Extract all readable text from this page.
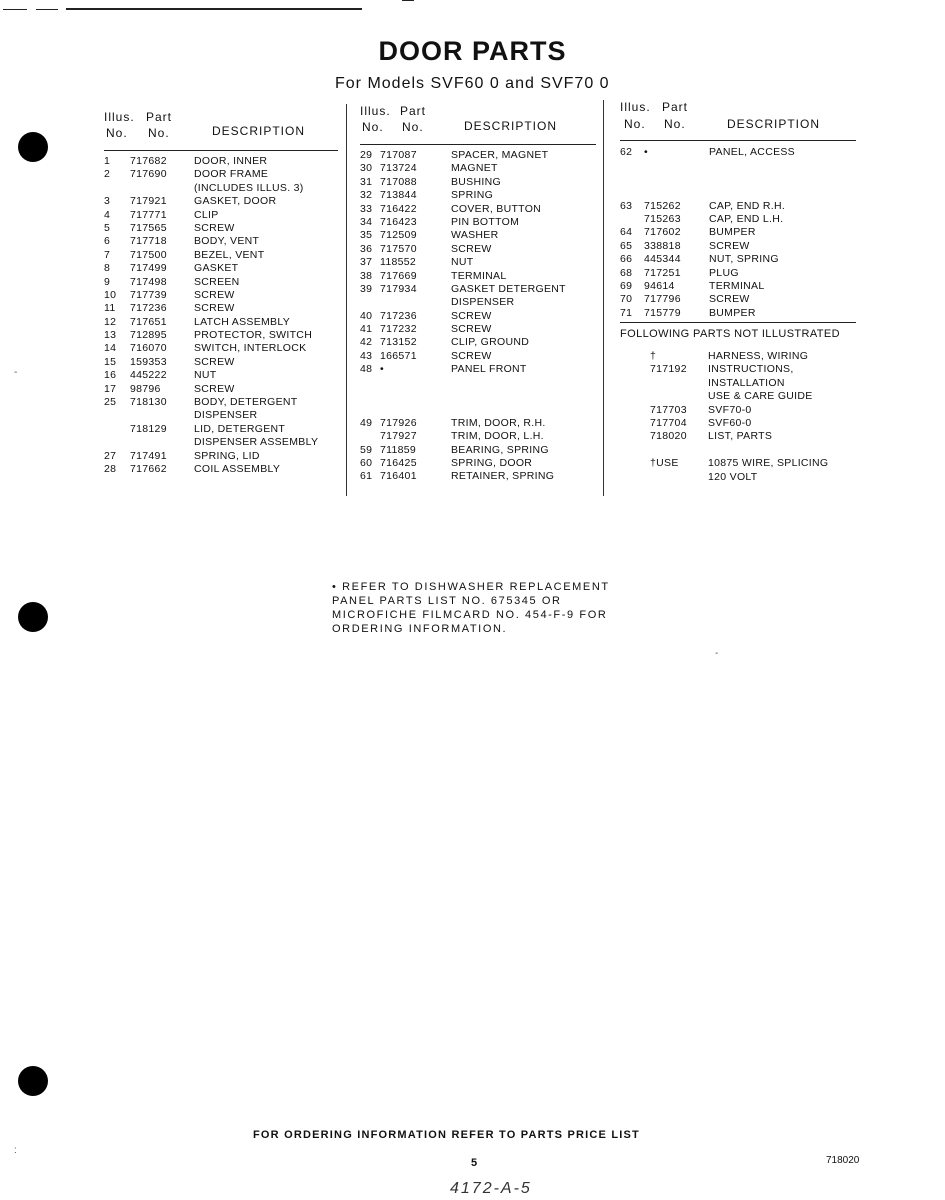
DOOR PARTS
For Models SVF60 0 and SVF70 0
Illus. Part
No. No.	DESCRIPTION
1 717682	DOOR, INNER
2 717690	DOOR FRAME
(INCLUDES ILLUS. 3)
3 717921	GASKET, DOOR
4 717771	CLIP
5 717565	SCREW
6 717718	BODY, VENT
7 717500	BEZEL, VENT
8 717499	GASKET
9 717498	SCREEN
10 717739	SCREW
11 717236	SCREW
12 717651	LATCH ASSEMBLY
13 712895	PROTECTOR, SWITCH
14 716070	SWITCH, INTERLOCK
15 159353	SCREW
16 445222	NUT
17 98796	SCREW
25 718130	BODY, DETERGENT
DISPENSER
718129	LID, DETERGENT
DISPENSER ASSEMBLY
27 717491	SPRING, LID
28 717662	COIL ASSEMBLY
Illus. Part
No. No.	DESCRIPTION
29 717087	SPACER, MAGNET
30 713724	MAGNET
31 717088	BUSHING
32 713844	SPRING
33 716422	COVER, BUTTON
34 716423	PIN BOTTOM
35 712509	WASHER
36 717570	SCREW
37 118552	NUT
38 717669	TERMINAL
39 717934	GASKET DETERGENT
DISPENSER
40 717236	SCREW
41 717232	SCREW
42 713152	CLIP, GROUND
43 166571	SCREW
48 •	PANEL FRONT
49 717926	TRIM, DOOR, R.H.
717927	TRIM, DOOR, L.H.
59 711859	BEARING, SPRING
60 716425	SPRING, DOOR
61 716401	RETAINER, SPRING
Illus. Part
No. No.	DESCRIPTION
62 •	PANEL, ACCESS
63 715262	CAP, END R.H.
715263	CAP, END L.H.
64 717602	BUMPER
65 338818	SCREW
66 445344	NUT, SPRING
68 717251	PLUG
69 94614	TERMINAL
70 717796	SCREW
71 715779	BUMPER
FOLLOWING PARTS NOT ILLUSTRATED
†	HARNESS, WIRING
717192 INSTRUCTIONS,
INSTALLATION
USE & CARE GUIDE
717703 SVF70-0
717704 SVF60-0
718020 LIST, PARTS
†USE	10875 WIRE, SPLICING
120 VOLT
• REFER TO DISHWASHER REPLACEMENT
PANEL PARTS LIST NO. 675345 OR
MICROFICHE FILMCARD NO. 454-F-9 FOR
ORDERING INFORMATION.
-
-
:
FOR ORDERING INFORMATION REFER TO PARTS PRICE LIST
5	718020
4172-A-5
